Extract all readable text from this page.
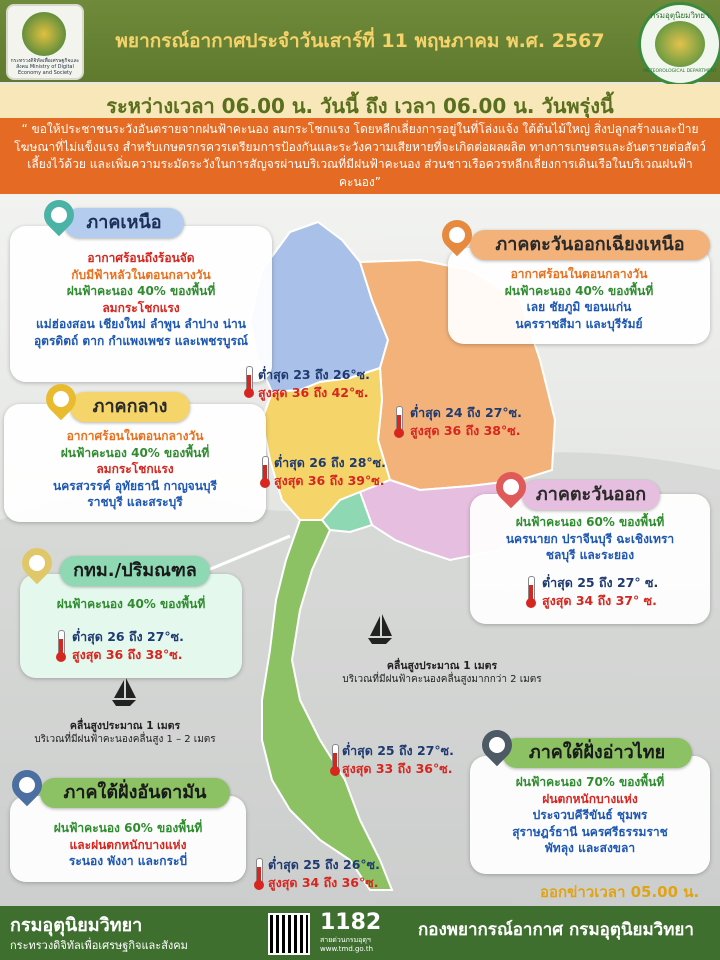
กระทรวงดิจิทัลเพื่อเศรษฐกิจและสังคม Ministry of Digital Economy and Society
พยากรณ์อากาศประจำวันเสาร์ที่ 11 พฤษภาคม พ.ศ. 2567
กรมอุตุนิยมวิทยา
METEOROLOGICAL DEPARTMENT
ระหว่างเวลา 06.00 น. วันนี้ ถึง เวลา 06.00 น. วันพรุ่งนี้
“ ขอให้ประชาชนระวังอันตรายจากฝนฟ้าคะนอง ลมกระโชกแรง โดยหลีกเลี่ยงการอยู่ในที่โล่งแจ้ง ใต้ต้นไม้ใหญ่ สิ่งปลูกสร้างและป้ายโฆษณาที่ไม่แข็งแรง สำหรับเกษตรกรควรเตรียมการป้องกันและระวังความเสียหายที่จะเกิดต่อผลผลิต ทางการเกษตรและอันตรายต่อสัตว์เลี้ยงไว้ด้วย และเพิ่มความระมัดระวังในการสัญจรผ่านบริเวณที่มีฝนฟ้าคะนอง ส่วนชาวเรือควรหลีกเลี่ยงการเดินเรือในบริเวณฝนฟ้าคะนอง”
อากาศร้อนถึงร้อนจัด
กับมีฟ้าหลัวในตอนกลางวัน
ฝนฟ้าคะนอง 40% ของพื้นที่
ลมกระโชกแรง
แม่ฮ่องสอน เชียงใหม่ ลำพูน ลำปาง น่าน
อุตรดิตถ์ ตาก กำแพงเพชร และเพชรบูรณ์
ภาคเหนือ
อากาศร้อนในตอนกลางวัน
ฝนฟ้าคะนอง 40% ของพื้นที่
เลย ชัยภูมิ ขอนแก่น
นครราชสีมา และบุรีรัมย์
ภาคตะวันออกเฉียงเหนือ
อากาศร้อนในตอนกลางวัน
ฝนฟ้าคะนอง 40% ของพื้นที่
ลมกระโชกแรง
นครสวรรค์ อุทัยธานี กาญจนบุรี
ราชบุรี และสระบุรี
ภาคกลาง
ฝนฟ้าคะนอง 60% ของพื้นที่
นครนายก ปราจีนบุรี ฉะเชิงเทรา
ชลบุรี และระยอง
ภาคตะวันออก
ต่ำสุด 25 ถึง 27° ซ.
สูงสุด 34 ถึง 37° ซ.
ฝนฟ้าคะนอง 40% ของพื้นที่
กทม./ปริมณฑล
ต่ำสุด 26 ถึง 27°ซ.
สูงสุด 36 ถึง 38°ซ.
ฝนฟ้าคะนอง 70% ของพื้นที่
ฝนตกหนักบางแห่ง
ประจวบคีรีขันธ์ ชุมพร
สุราษฎร์ธานี นครศรีธรรมราช
พัทลุง และสงขลา
ภาคใต้ฝั่งอ่าวไทย
ฝนฟ้าคะนอง 60% ของพื้นที่
และฝนตกหนักบางแห่ง
ระนอง พังงา และกระบี่
ภาคใต้ฝั่งอันดามัน
ต่ำสุด 23 ถึง 26°ซ.
สูงสุด 36 ถึง 42°ซ.
ต่ำสุด 24 ถึง 27°ซ.
สูงสุด 36 ถึง 38°ซ.
ต่ำสุด 26 ถึง 28°ซ.
สูงสุด 36 ถึง 39°ซ.
ต่ำสุด 25 ถึง 27°ซ.
สูงสุด 33 ถึง 36°ซ.
ต่ำสุด 25 ถึง 26°ซ.
สูงสุด 34 ถึง 36°ซ.
คลื่นสูงประมาณ 1 เมตร
บริเวณที่มีฝนฟ้าคะนองคลื่นสูงมากกว่า 2 เมตร
คลื่นสูงประมาณ 1 เมตร
บริเวณที่มีฝนฟ้าคะนองคลื่นสูง 1 – 2 เมตร
ออกข่าวเวลา 05.00 น.
กรมอุตุนิยมวิทยา
กระทรวงดิจิทัลเพื่อเศรษฐกิจและสังคม
1182
สายด่วนกรมอุตุฯ
www.tmd.go.th
กองพยากรณ์อากาศ กรมอุตุนิยมวิทยา
